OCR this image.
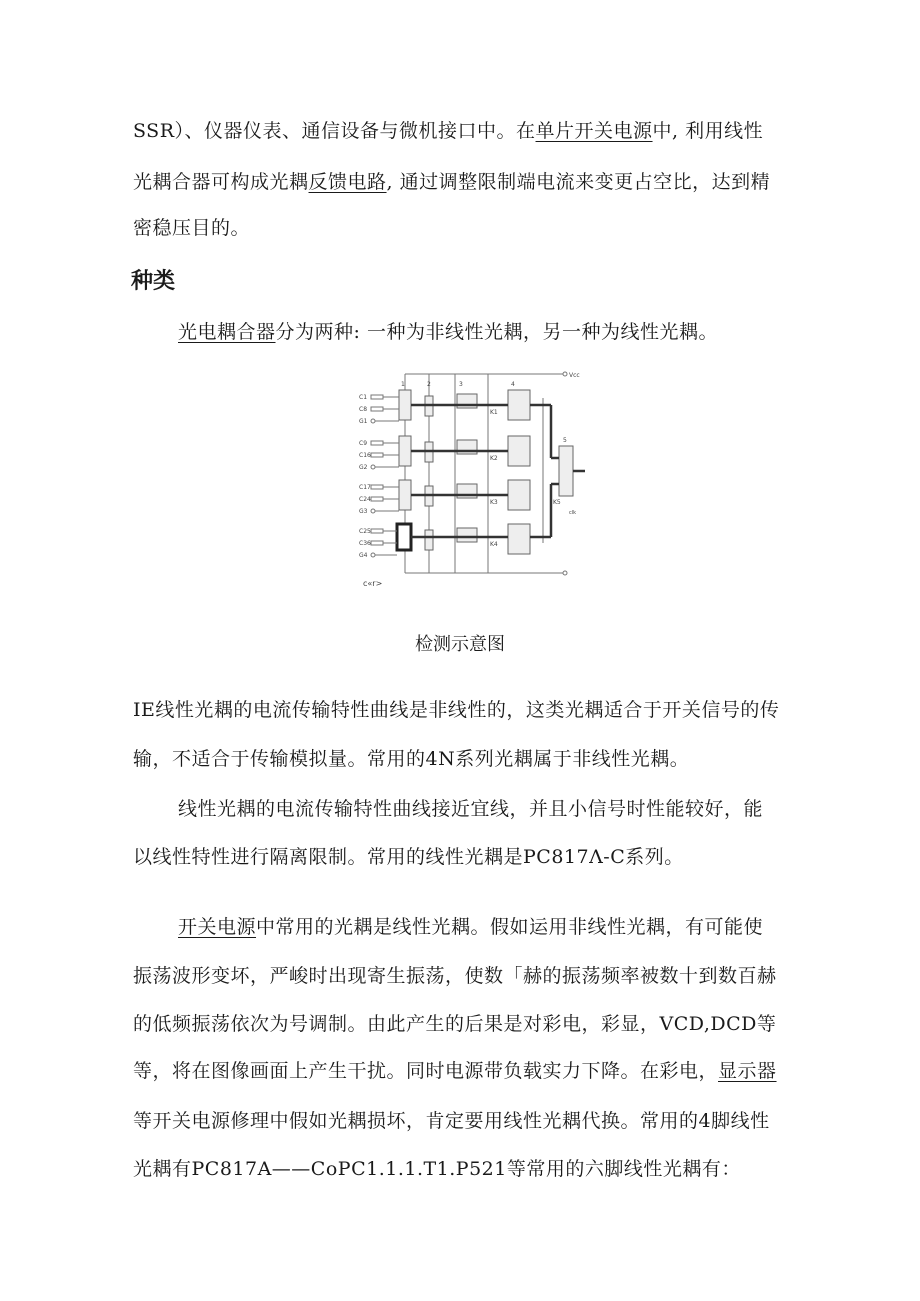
SSR）、仪器仪表、通信设备与微机接口中。在单片开关电源中, 利用线性
光耦合器可构成光耦反馈电路, 通过调整限制端电流来变更占空比，达到精
密稳压目的。
种类
光电耦合器分为两种: 一种为非线性光耦，另一种为线性光耦。
C1
C8
G1
C9
C16
G2
C17
C24
G3
C25
C36
G4
1	2	3	4
K1
K2
K3
K4
5
K5
clk
Vcc
c«r>
检测示意图
IE线性光耦的电流传输特性曲线是非线性的，这类光耦适合于开关信号的传
输，不适合于传输模拟量。常用的4N系列光耦属于非线性光耦。
线性光耦的电流传输特性曲线接近宜线，并且小信号时性能较好，能
以线性特性进行隔离限制。常用的线性光耦是PC817Λ-C系列。
开关电源中常用的光耦是线性光耦。假如运用非线性光耦，有可能使
振荡波形变坏，严峻时出现寄生振荡，使数「赫的振荡频率被数十到数百赫
的低频振荡依次为号调制。由此产生的后果是对彩电，彩显，VCD,DCD等
等，将在图像画面上产生干扰。同时电源带负载实力下降。在彩电，显示器
等开关电源修理中假如光耦损坏，肯定要用线性光耦代换。常用的4脚线性
光耦有PC817A——CoPC1.1.1.T1.P521等常用的六脚线性光耦有：
